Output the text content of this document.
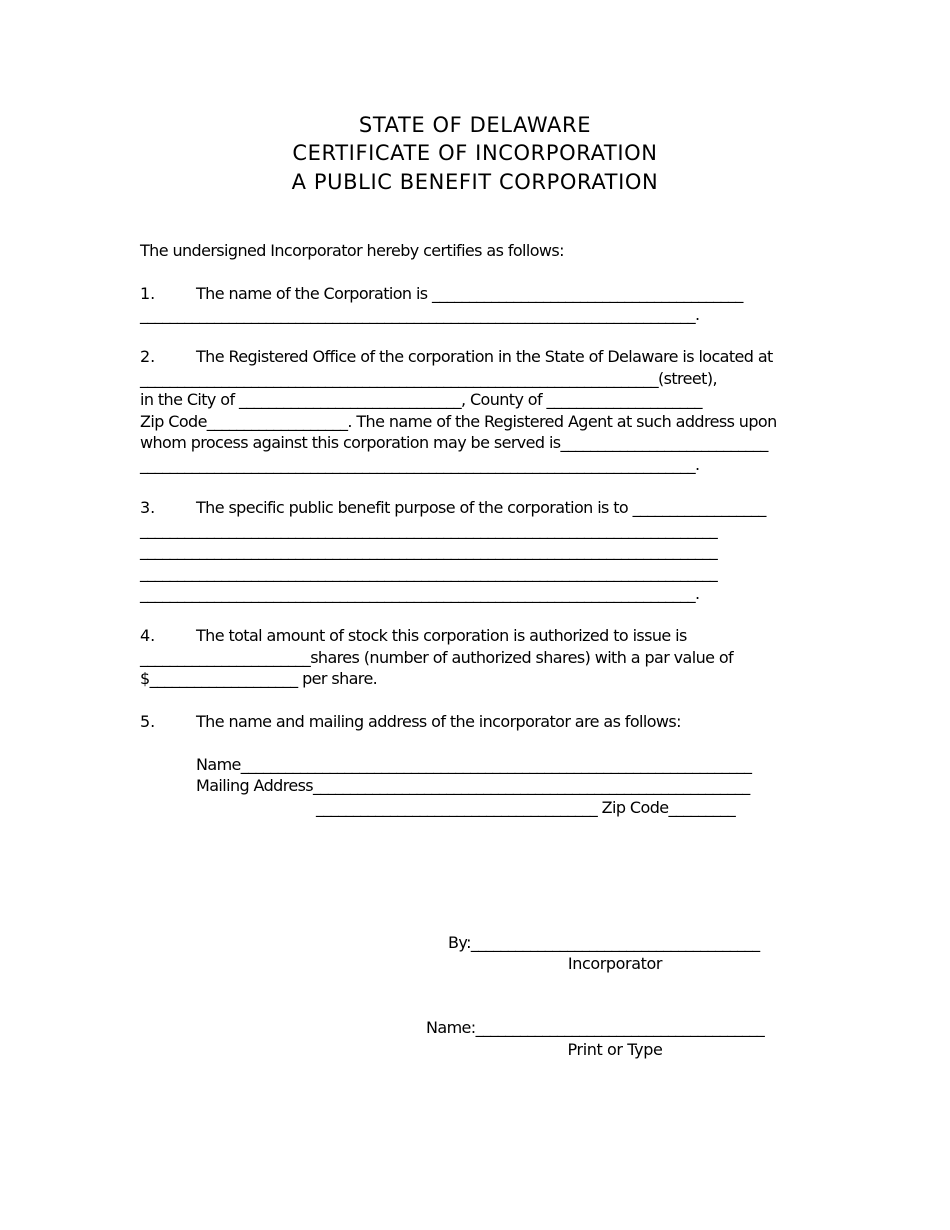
STATE OF DELAWARE
CERTIFICATE OF INCORPORATION
A PUBLIC BENEFIT CORPORATION
The undersigned Incorporator hereby certifies as follows:
1.	The name of the Corporation is __________________________________________
___________________________________________________________________________.
2.	The Registered Office of the corporation in the State of Delaware is located at
______________________________________________________________________(street),
in the City of ______________________________, County of _____________________
Zip Code___________________. The name of the Registered Agent at such address upon
whom process against this corporation may be served is____________________________
___________________________________________________________________________.
3.	The specific public benefit purpose of the corporation is to __________________
______________________________________________________________________________
______________________________________________________________________________
______________________________________________________________________________
___________________________________________________________________________.
4.	The total amount of stock this corporation is authorized to issue is
_______________________shares (number of authorized shares) with a par value of
$____________________ per share.
5.	The name and mailing address of the incorporator are as follows:
Name_____________________________________________________________________
Mailing Address___________________________________________________________
______________________________________ Zip Code_________
By:_______________________________________
Incorporator
Name:_______________________________________
Print or Type
